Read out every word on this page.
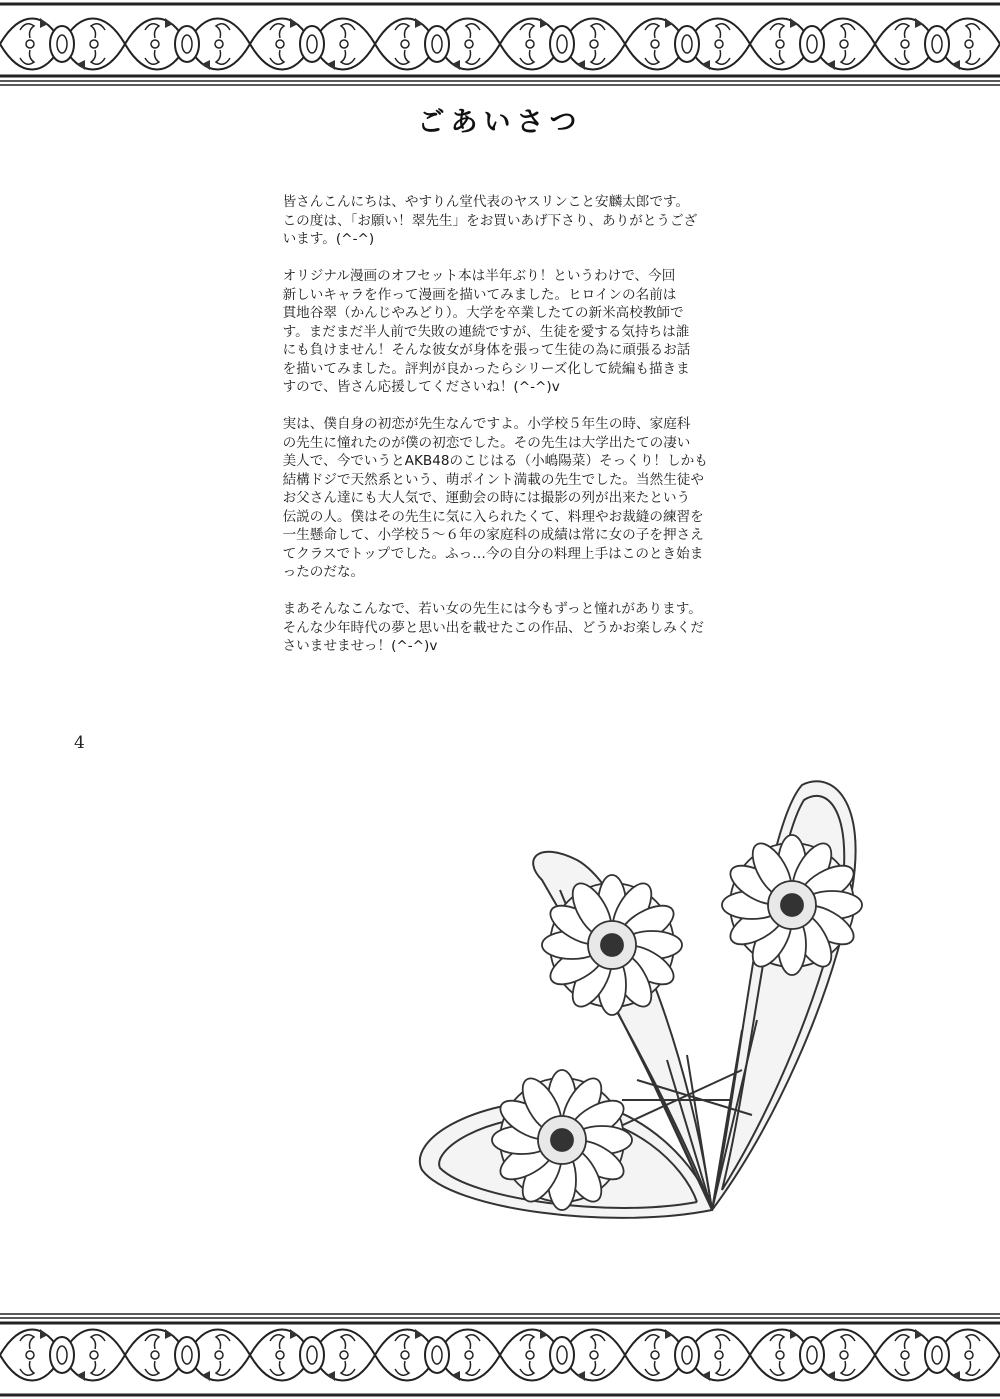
ごあいさつ

皆さんこんにちは、やすりん堂代表のヤスリンこと安麟太郎です。
この度は、「お願い！翠先生」をお買いあげ下さり、ありがとうござ
います。(^-^)

オリジナル漫画のオフセット本は半年ぶり！というわけで、今回
新しいキャラを作って漫画を描いてみました。ヒロインの名前は
貫地谷翠（かんじやみどり）。大学を卒業したての新米高校教師で
す。まだまだ半人前で失敗の連続ですが、生徒を愛する気持ちは誰
にも負けません！そんな彼女が身体を張って生徒の為に頑張るお話
を描いてみました。評判が良かったらシリーズ化して続編も描きま
すので、皆さん応援してくださいね！(^-^)v

実は、僕自身の初恋が先生なんですよ。小学校５年生の時、家庭科
の先生に憧れたのが僕の初恋でした。その先生は大学出たての凄い
美人で、今でいうとAKB48のこじはる（小嶋陽菜）そっくり！しかも
結構ドジで天然系という、萌ポイント満載の先生でした。当然生徒や
お父さん達にも大人気で、運動会の時には撮影の列が出来たという
伝説の人。僕はその先生に気に入られたくて、料理やお裁縫の練習を
一生懸命して、小学校５～６年の家庭科の成績は常に女の子を押さえ
てクラスでトップでした。ふっ…今の自分の料理上手はこのとき始ま
ったのだな。

まあそんなこんなで、若い女の先生には今もずっと憧れがあります。
そんな少年時代の夢と思い出を載せたこの作品、どうかお楽しみくだ
さいませませっ！(^-^)v

4
